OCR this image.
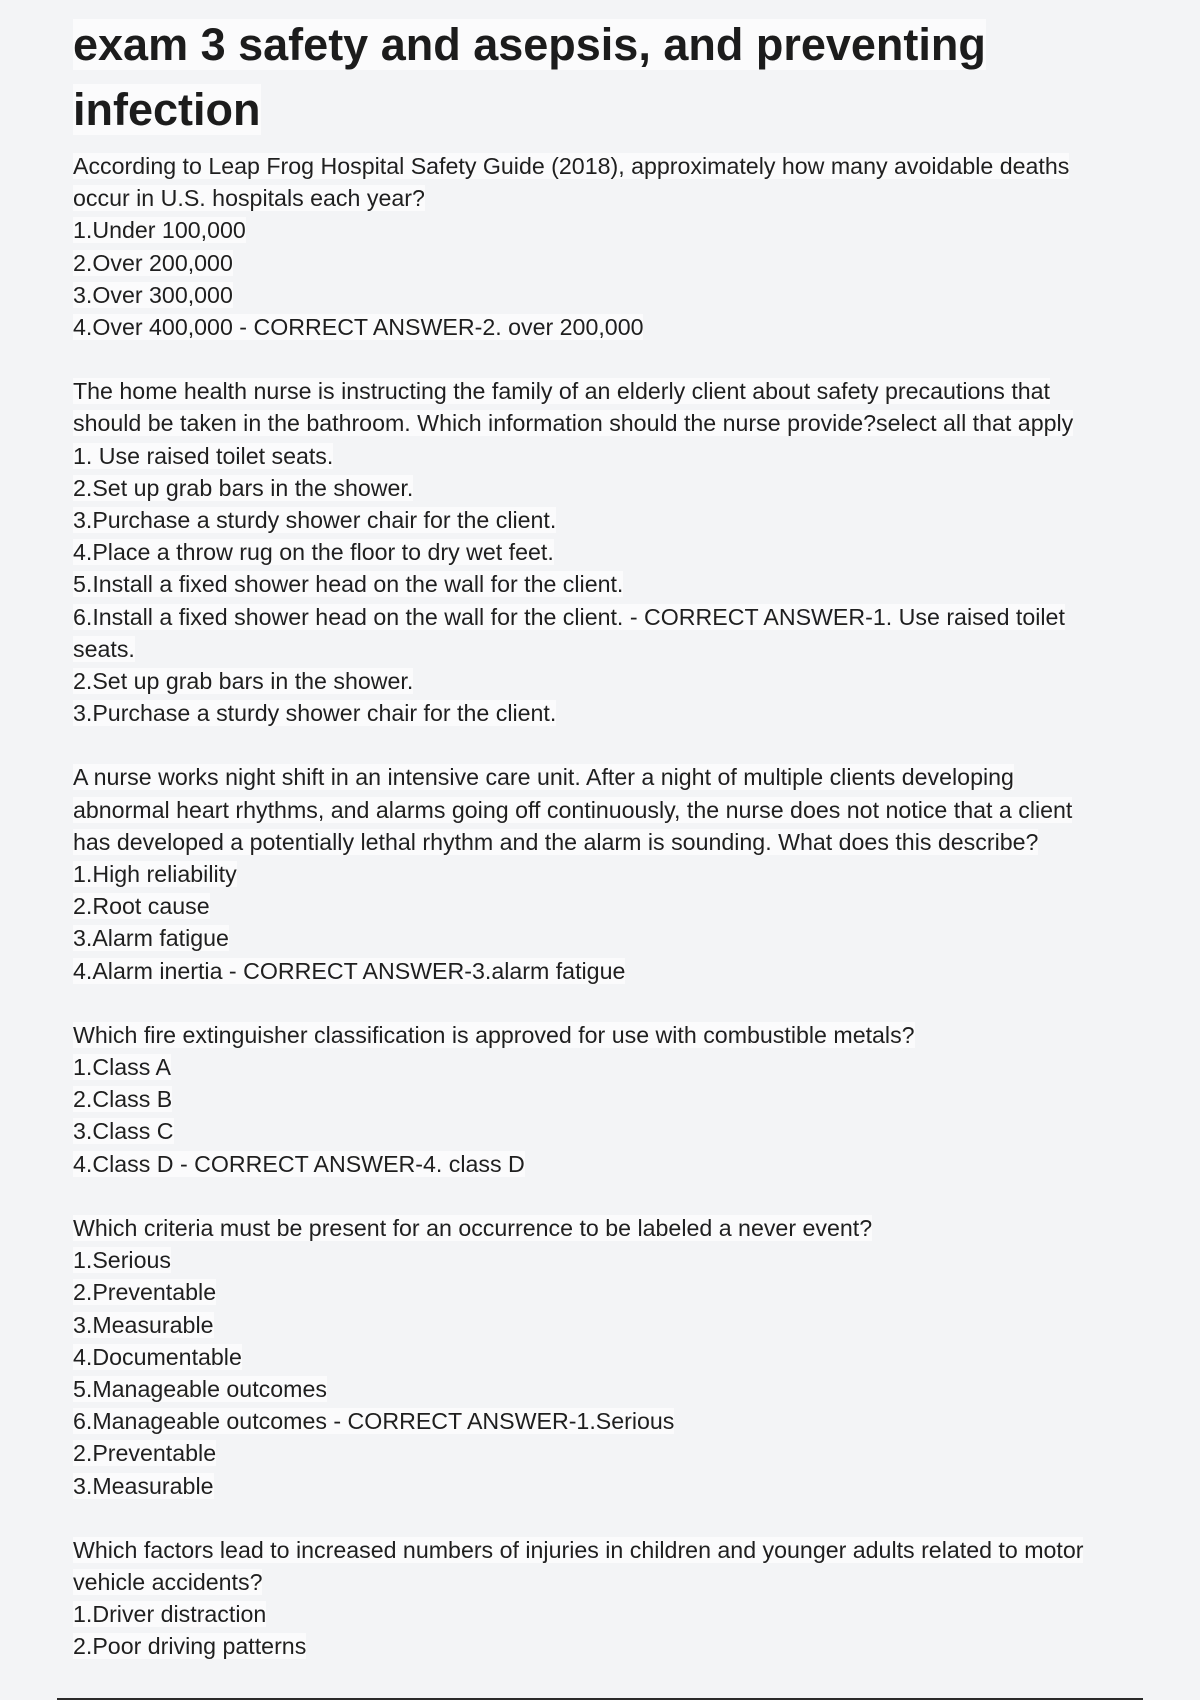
exam 3 safety and asepsis, and preventing
infection

According to Leap Frog Hospital Safety Guide (2018), approximately how many avoidable deaths

occur in U.S. hospitals each year?

1.Under 100,000

2.Over 200,000

3.Over 300,000

4.Over 400,000 - CORRECT ANSWER-2. over 200,000

The home health nurse is instructing the family of an elderly client about safety precautions that

should be taken in the bathroom. Which information should the nurse provide?select all that apply

1. Use raised toilet seats.

2.Set up grab bars in the shower.

3.Purchase a sturdy shower chair for the client.

4.Place a throw rug on the floor to dry wet feet.

5.Install a fixed shower head on the wall for the client.

6.Install a fixed shower head on the wall for the client. - CORRECT ANSWER-1. Use raised toilet

seats.

2.Set up grab bars in the shower.

3.Purchase a sturdy shower chair for the client.

A nurse works night shift in an intensive care unit. After a night of multiple clients developing

abnormal heart rhythms, and alarms going off continuously, the nurse does not notice that a client

has developed a potentially lethal rhythm and the alarm is sounding. What does this describe?

1.High reliability

2.Root cause

3.Alarm fatigue

4.Alarm inertia - CORRECT ANSWER-3.alarm fatigue

Which fire extinguisher classification is approved for use with combustible metals?

1.Class A

2.Class B

3.Class C

4.Class D - CORRECT ANSWER-4. class D

Which criteria must be present for an occurrence to be labeled a never event?

1.Serious

2.Preventable

3.Measurable

4.Documentable

5.Manageable outcomes

6.Manageable outcomes - CORRECT ANSWER-1.Serious

2.Preventable

3.Measurable

Which factors lead to increased numbers of injuries in children and younger adults related to motor

vehicle accidents?

1.Driver distraction

2.Poor driving patterns
